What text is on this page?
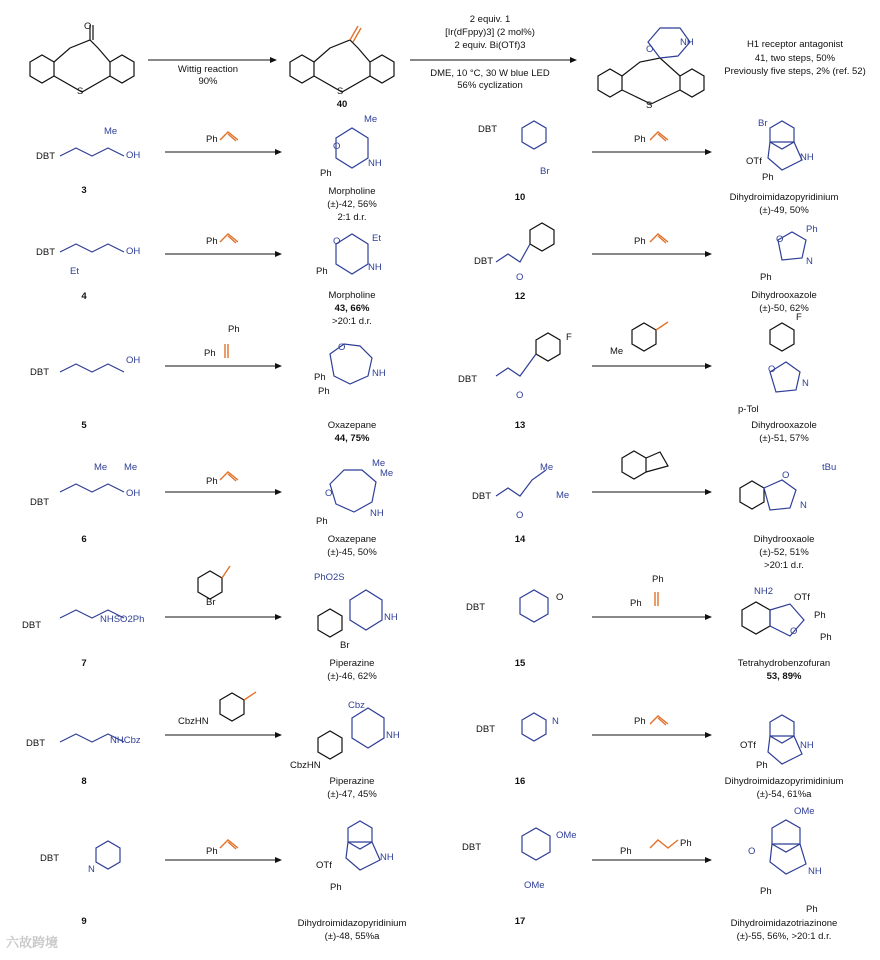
O
S
Wittig reaction
90%
S
40
2 equiv. 1
[Ir(dFppy)3] (2 mol%)
2 equiv. Bi(OTf)3
DME, 10 °C, 30 W blue LED
56% cyclization
O
NH
S
H1 receptor antagonist
41, two steps, 50%
Previously five steps, 2% (ref. 52)
DBT
Me
OH
3
Ph
O
Me
NH
Ph
Morpholine
(±)-42, 56%
2:1 d.r.
DBT
Et
OH
4
Ph	O	Et
NH
Ph
Morpholine
43, 66%
>20:1 d.r.
DBT
OH
5
Ph
Ph
O
NH
Ph
Ph
Oxazepane
44, 75%
DBT
Me Me
OH
6
Ph
Me
Me
O
NH
Ph
Oxazepane
(±)-45, 50%
DBT
NHSO2Ph
7
Br
PhO2S
NH
Br
Piperazine
(±)-46, 62%
DBT	NHCbz
8
CbzHN
Cbz
NH
CbzHN
Piperazine
(±)-47, 45%
DBT
N
9
Ph
OTf
NH
Ph
Dihydroimidazopyridinium
(±)-48, 55%a
DBT
Br
10
Ph
Br
OTf	NH
Ph
Dihydroimidazopyridinium
(±)-49, 50%
DBT
O
12
Ph
Ph
O
N
Ph
Dihydrooxazole
(±)-50, 62%
DBT
F
O
13
Me
F
O
N
p-Tol
Dihydrooxazole
(±)-51, 57%
DBT
Me
Me
O
14
O
tBu
N
Dihydrooxaole
(±)-52, 51%
>20:1 d.r.
DBT
O
15
Ph
Ph
NH2
OTf
O
Ph
Ph
Tetrahydrobenzofuran
53, 89%
DBT
N
16
Ph
OTf	NH
Ph
Dihydroimidazopyrimidinium
(±)-54, 61%a
DBT
OMe
OMe
17
Ph
Ph
OMe
O
NH
Ph
Ph
Dihydroimidazotriazinone
(±)-55, 56%, >20:1 d.r.
六故跨境
